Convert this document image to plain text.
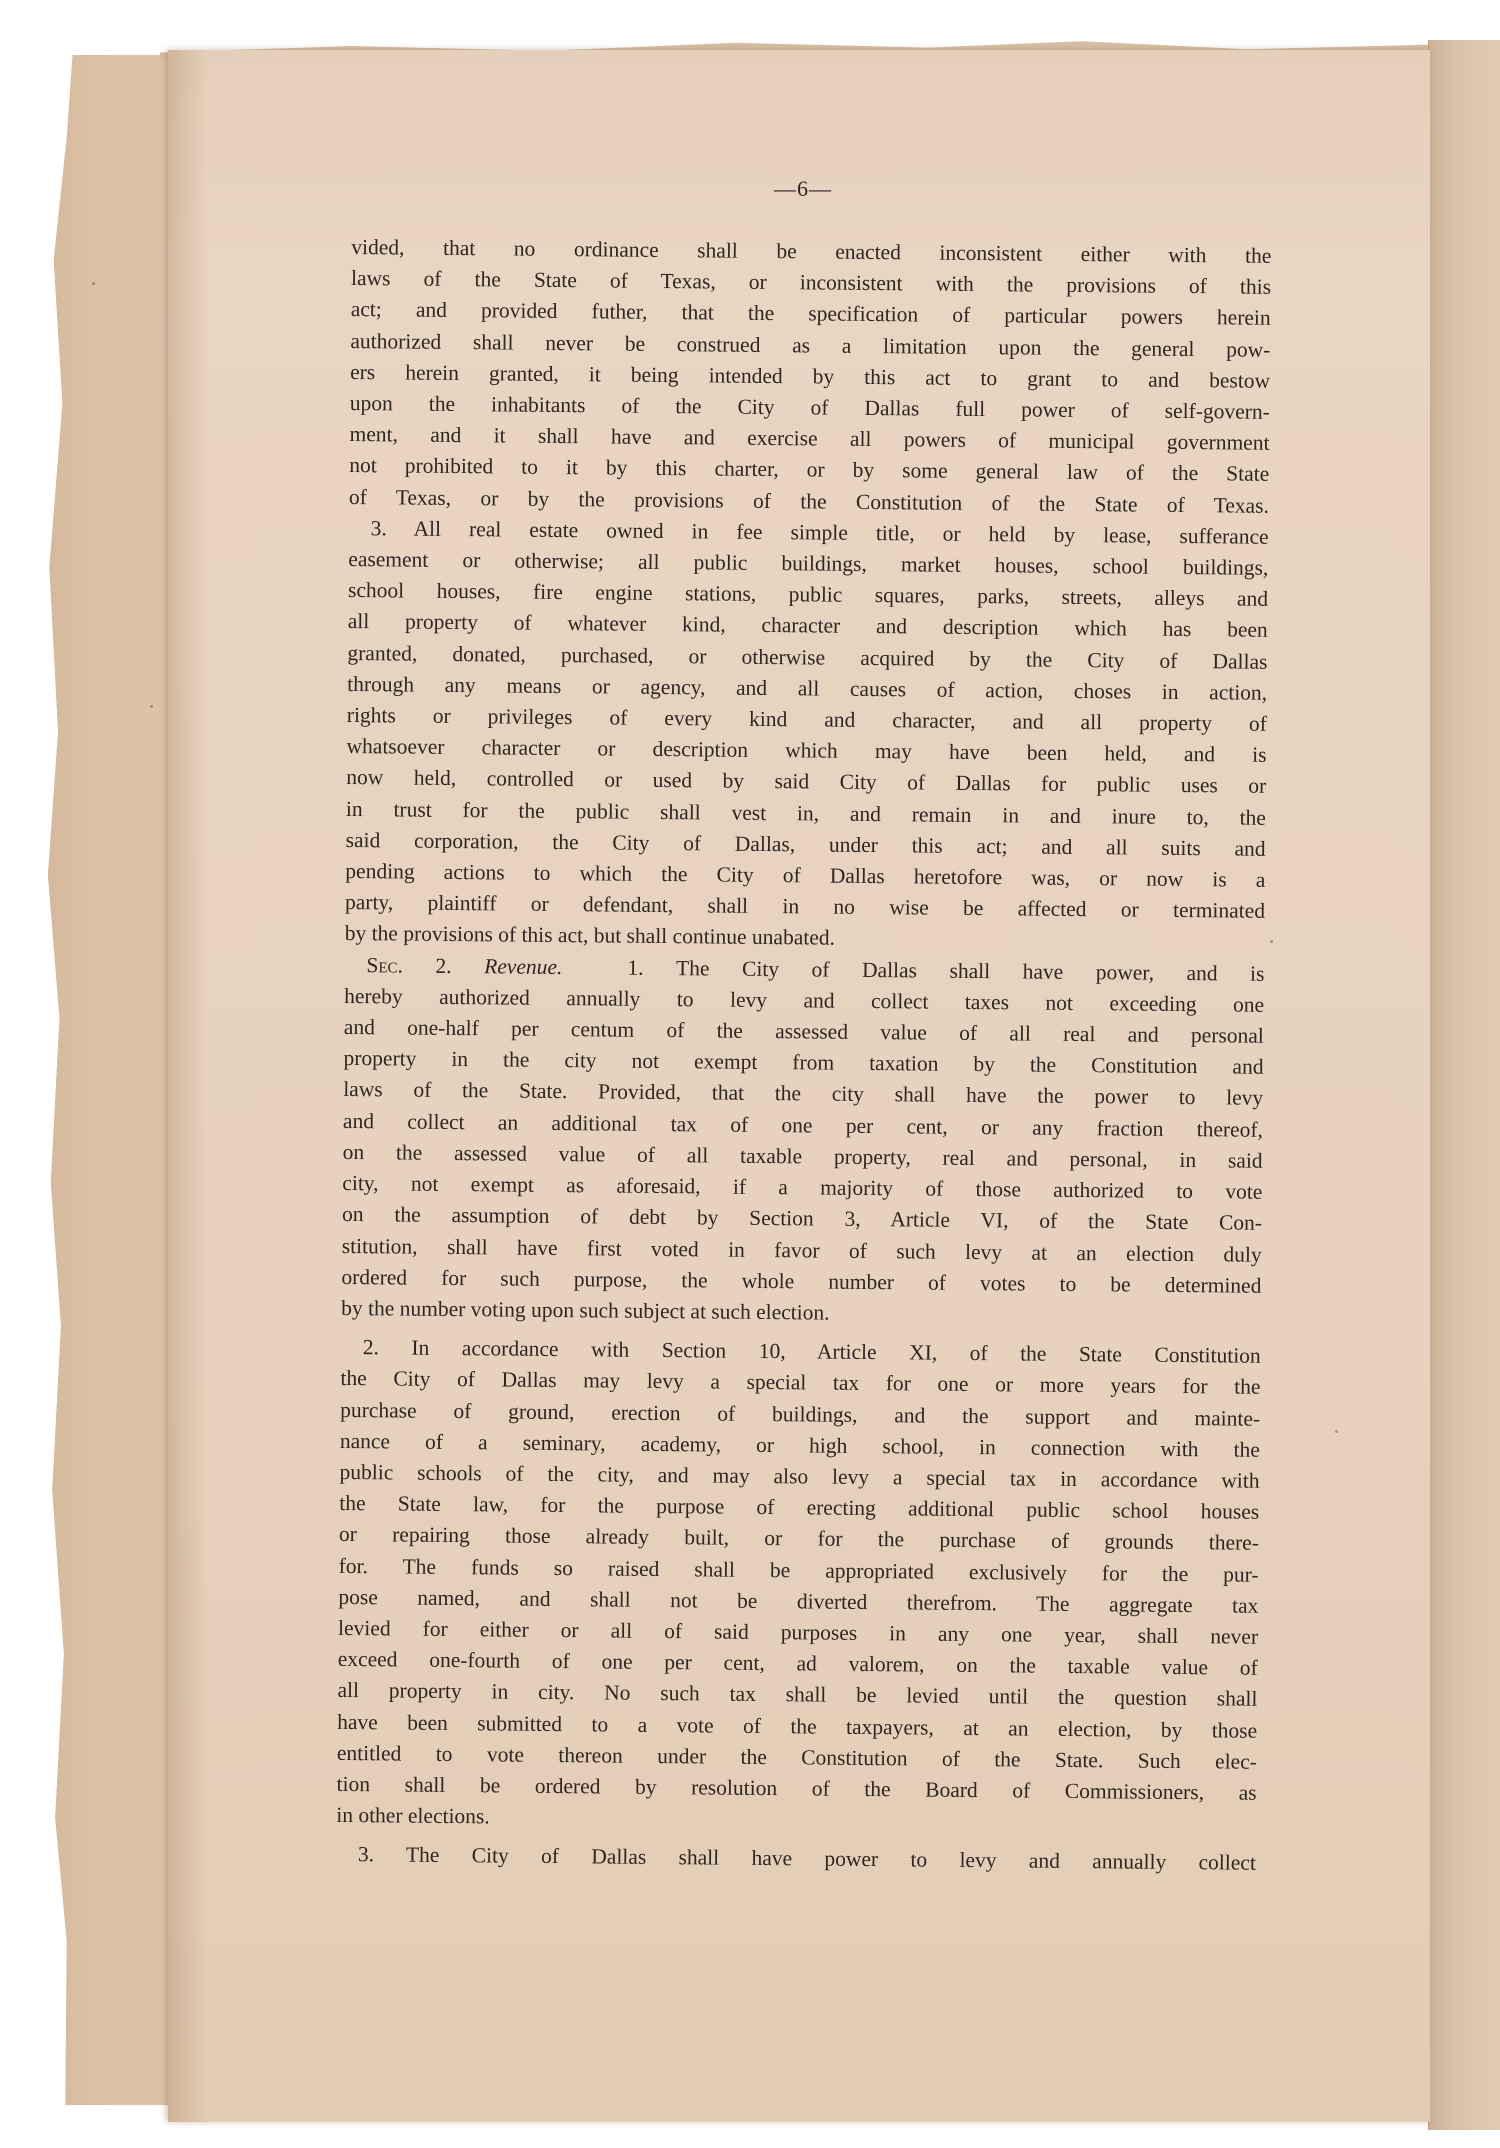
—6—
vided, that no ordinance shall be enacted inconsistent either with the
laws of the State of Texas, or inconsistent with the provisions of this
act; and provided futher, that the specification of particular powers herein
authorized shall never be construed as a limitation upon the general pow-
ers herein granted, it being intended by this act to grant to and bestow
upon the inhabitants of the City of Dallas full power of self-govern-
ment, and it shall have and exercise all powers of municipal government
not prohibited to it by this charter, or by some general law of the State
of Texas, or by the provisions of the Constitution of the State of Texas.
3. All real estate owned in fee simple title, or held by lease, sufferance
easement or otherwise; all public buildings, market houses, school buildings,
school houses, fire engine stations, public squares, parks, streets, alleys and
all property of whatever kind, character and description which has been
granted, donated, purchased, or otherwise acquired by the City of Dallas
through any means or agency, and all causes of action, choses in action,
rights or privileges of every kind and character, and all property of
whatsoever character or description which may have been held, and is
now held, controlled or used by said City of Dallas for public uses or
in trust for the public shall vest in, and remain in and inure to, the
said corporation, the City of Dallas, under this act; and all suits and
pending actions to which the City of Dallas heretofore was, or now is a
party, plaintiff or defendant, shall in no wise be affected or terminated
by the provisions of this act, but shall continue unabated.
Sec. 2. Revenue.	1. The City of Dallas shall have power, and is
hereby authorized annually to levy and collect taxes not exceeding one
and one-half per centum of the assessed value of all real and personal
property in the city not exempt from taxation by the Constitution and
laws of the State. Provided, that the city shall have the power to levy
and collect an additional tax of one per cent, or any fraction thereof,
on the assessed value of all taxable property, real and personal, in said
city, not exempt as aforesaid, if a majority of those authorized to vote
on the assumption of debt by Section 3, Article VI, of the State Con-
stitution, shall have first voted in favor of such levy at an election duly
ordered for such purpose, the whole number of votes to be determined
by the number voting upon such subject at such election.
2. In accordance with Section 10, Article XI, of the State Constitution
the City of Dallas may levy a special tax for one or more years for the
purchase of ground, erection of buildings, and the support and mainte-
nance of a seminary, academy, or high school, in connection with the
public schools of the city, and may also levy a special tax in accordance with
the State law, for the purpose of erecting additional public school houses
or repairing those already built, or for the purchase of grounds there-
for. The funds so raised shall be appropriated exclusively for the pur-
pose named, and shall not be diverted therefrom. The aggregate tax
levied for either or all of said purposes in any one year, shall never
exceed one-fourth of one per cent, ad valorem, on the taxable value of
all property in city. No such tax shall be levied until the question shall
have been submitted to a vote of the taxpayers, at an election, by those
entitled to vote thereon under the Constitution of the State. Such elec-
tion shall be ordered by resolution of the Board of Commissioners, as
in other elections.
3. The City of Dallas shall have power to levy and annually collect
